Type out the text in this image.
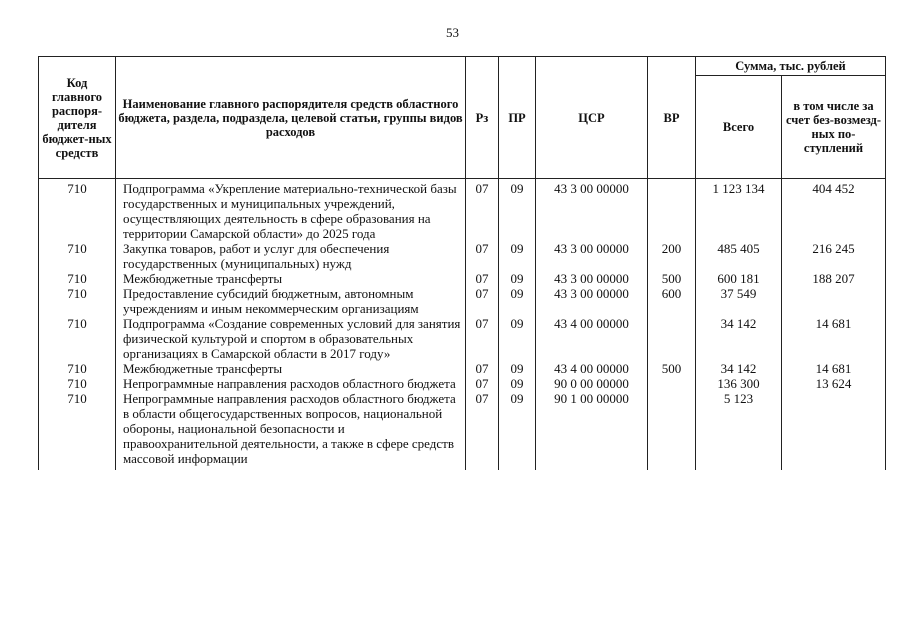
53
Код главного распоря-дителя бюджет-ных средств	Наименование главного распорядителя средств областного бюджета, раздела, подраздела, целевой статьи, группы видов расходов	Рз	ПР	ЦСР	ВР	Сумма, тыс. рублей	
						Всего	в том числе за счет без-возмезд-ных по-ступлений

710	Подпрограмма «Укрепление материально-технической базы государственных и муниципальных учреждений, осуществляющих деятельность в сфере образования на территории Самарской области» до 2025 года	07	09	43 3 00 00000		1 123 134	404 452
710	Закупка товаров, работ и услуг для обеспечения государственных (муниципальных) нужд	07	09	43 3 00 00000	200	485 405	216 245
710	Межбюджетные трансферты	07	09	43 3 00 00000	500	600 181	188 207
710	Предоставление субсидий бюджетным, автономным учреждениям и иным некоммерческим организациям	07	09	43 3 00 00000	600	37 549	
710	Подпрограмма «Создание современных условий для занятия физической культурой и спортом в образовательных организациях в Самарской области в 2017 году»	07	09	43 4 00 00000		34 142	14 681
710	Межбюджетные трансферты	07	09	43 4 00 00000	500	34 142	14 681
710	Непрограммные направления расходов областного бюджета	07	09	90 0 00 00000		136 300	13 624
710	Непрограммные направления расходов областного бюджета в области общегосударственных вопросов, национальной обороны, национальной безопасности и правоохранительной деятельности, а также в сфере средств массовой информации	07	09	90 1 00 00000		5 123	
